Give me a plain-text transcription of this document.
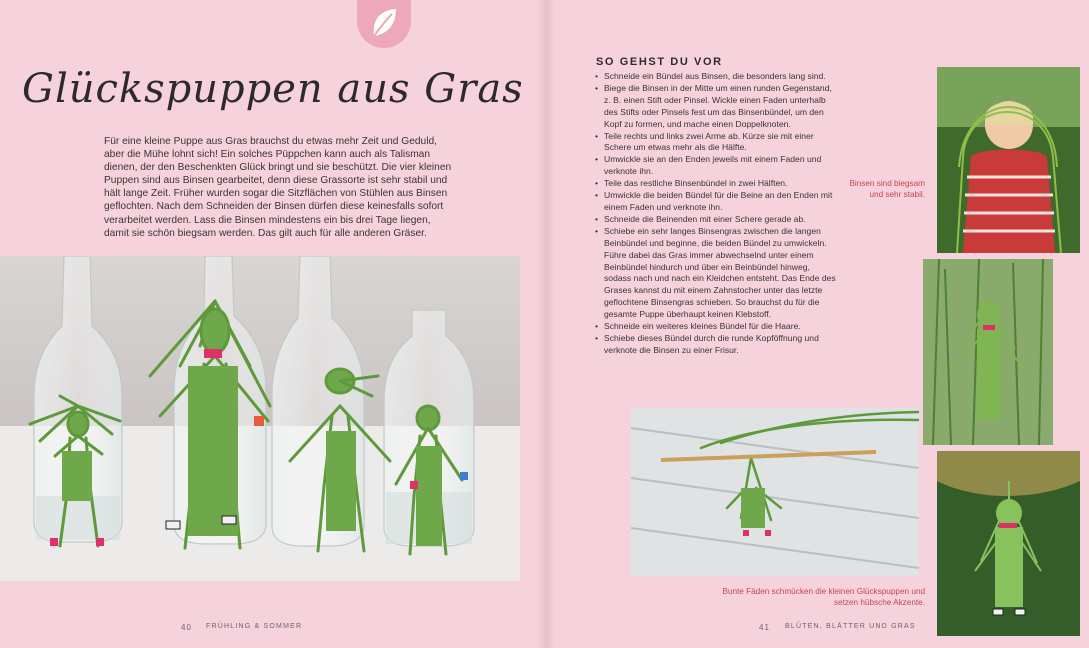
Glückspuppen aus Gras

Für eine kleine Puppe aus Gras brauchst du etwas mehr Zeit und Geduld, aber die Mühe lohnt sich! Ein solches Püppchen kann auch als Talisman dienen, der den Beschenkten Glück bringt und sie beschützt. Die vier kleinen Puppen sind aus Binsen gearbeitet, denn diese Grassorte ist sehr stabil und hält lange Zeit. Früher wurden sogar die Sitzflächen von Stühlen aus Binsen geflochten. Nach dem Schneiden der Binsen dürfen diese keinesfalls sofort verarbeitet werden. Lass die Binsen mindestens ein bis drei Tage liegen, damit sie schön biegsam werden. Das gilt auch für alle anderen Gräser.

40 FRÜHLING & SOMMER
SO GEHST DU VOR
• Schneide ein Bündel aus Binsen, die besonders lang sind.
• Biege die Binsen in der Mitte um einen runden Gegenstand, z. B. einen Stift oder Pinsel. Wickle einen Faden unterhalb des Stifts oder Pinsels fest um das Binsenbündel, um den Kopf zu formen, und mache einen Doppelknoten.
• Teile rechts und links zwei Arme ab. Kürze sie mit einer Schere um etwas mehr als die Hälfte.
• Umwickle sie an den Enden jeweils mit einem Faden und verknote ihn.
• Teile das restliche Binsenbündel in zwei Hälften.
• Umwickle die beiden Bündel für die Beine an den Enden mit einem Faden und verknote ihn.
• Schneide die Beinenden mit einer Schere gerade ab.
• Schiebe ein sehr langes Binsengras zwischen die langen Beinbündel und beginne, die beiden Bündel zu umwickeln. Führe dabei das Gras immer abwechselnd unter einem Beinbündel hindurch und über ein Beinbündel hinweg, sodass nach und nach ein Kleidchen entsteht. Das Ende des Grases kannst du mit einem Zahnstocher unter das letzte geflochtene Binsengras schieben. So brauchst du für die gesamte Puppe überhaupt keinen Klebstoff.
• Schneide ein weiteres kleines Bündel für die Haare.
• Schiebe dieses Bündel durch die runde Kopföffnung und verknote die Binsen zu einer Frisur.
Bunte Fäden schmücken die kleinen Glückspuppen und
setzen hübsche Akzente.
Binsen sind biegsam
und sehr stabil.
41 BLÜTEN, BLÄTTER UND GRAS
